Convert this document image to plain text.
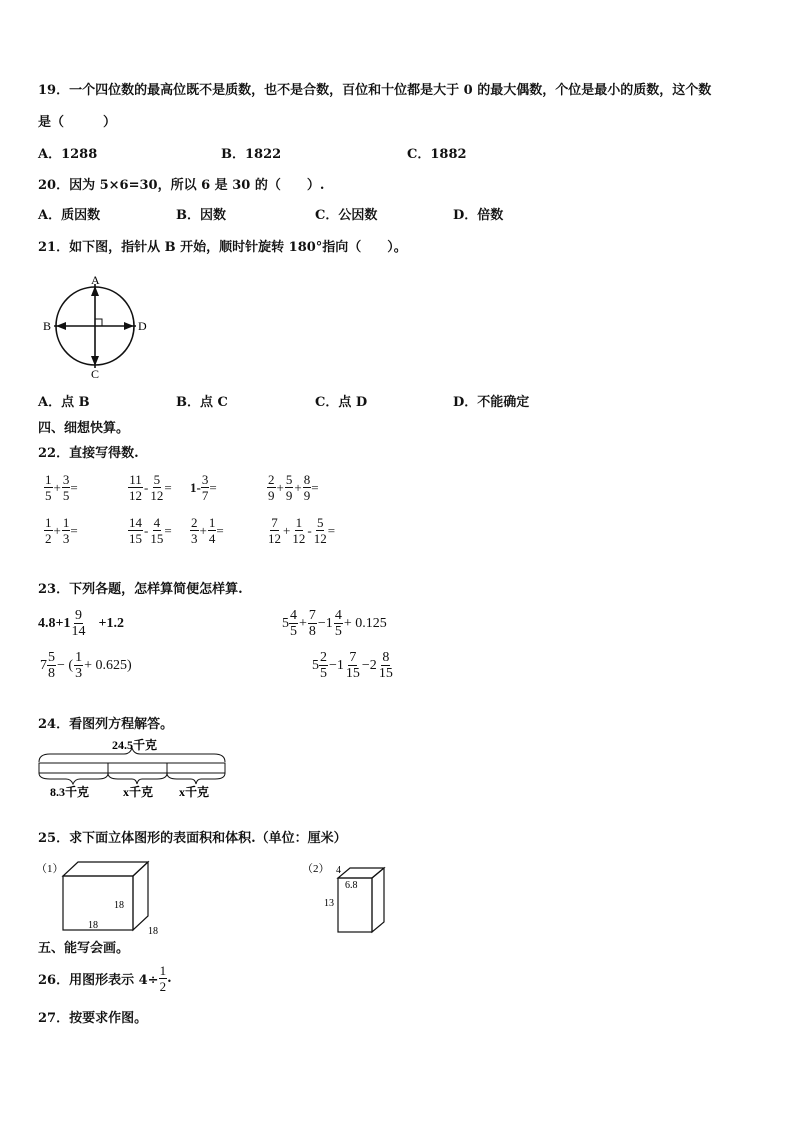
19．一个四位数的最高位既不是质数，也不是合数，百位和十位都是大于 0 的最大偶数，个位是最小的质数，这个数
是（　　　）
A．1288	B．1822	C．1882
20．因为 5×6=30，所以 6 是 30 的（　　）.
A．质因数	B．因数	C．公因数	D．倍数
21．如下图，指针从 B 开始，顺时针旋转 180°指向（　　）。
A
B
C
D
A．点 B	B．点 C	C．点 D	D．不能确定
四、细想快算。
22．直接写得数.
$\frac{1}{5} + \frac{3}{5}$ =	$\frac{11}{12} - \frac{5}{12} = 1- \frac{3}{7}$ =	$\frac{2}{9} + \frac{5}{9} + \frac{8}{9}$ =
$\frac{1}{2} + \frac{1}{3}$ =	$\frac{14}{15} - \frac{4}{15} = \frac{2}{3} + \frac{1}{4}$ =	$\frac{7}{12} + \frac{1}{12} - \frac{5}{12}$ =
23．下列各题，怎样算简便怎样算.
$4.8+1 \frac{9}{14} +1.2$	$5 \frac{4}{5} + \frac{7}{8} -1 \frac{4}{5} + 0.125$
$7 \frac{5}{8}$ − ( $\frac{1}{3} + 0.625$)	$5 \frac{2}{5} -1 \frac{7}{15} -2 \frac{8}{15}$
24．看图列方程解答。
24.5千克
8.3千克	x千克 x千克
25．求下面立体图形的表面积和体积.（单位：厘米）
（1）
18
18
18
（2） 4
6.8
13
五、能写会画。
26．用图形表示 $4\div \frac{1}{2}$ .
27．按要求作图。
